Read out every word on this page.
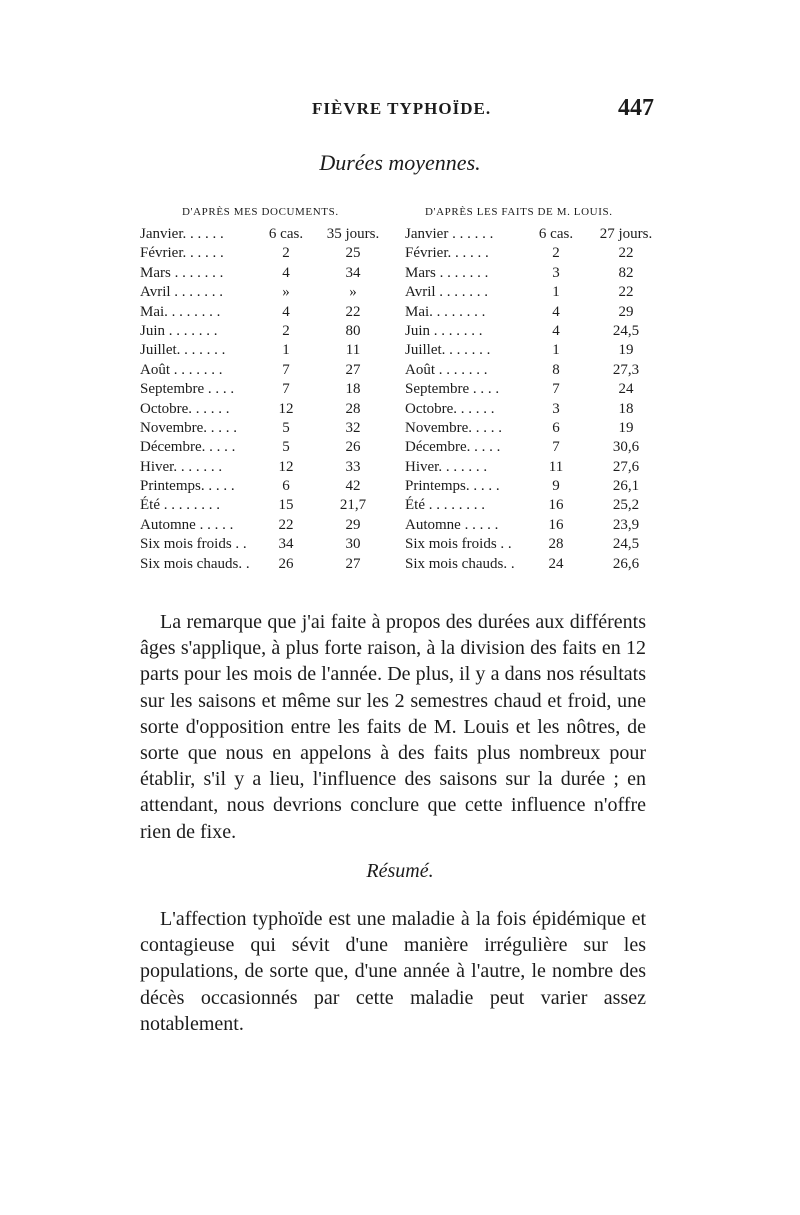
FIÈVRE TYPHOÏDE.	447
Durées moyennes.
D'APRÈS MES DOCUMENTS.	D'APRÈS LES FAITS DE M. LOUIS.
Janvier. . . . . .	6 cas.	35 jours.
Février. . . . . .	2	25
Mars . . . . . . .	4	34
Avril . . . . . . .	»	»
Mai. . . . . . . .	4	22
Juin . . . . . . .	2	80
Juillet. . . . . . .	1	11
Août . . . . . . .	7	27
Septembre . . . .	7	18
Octobre. . . . . .	12	28
Novembre. . . . .	5	32
Décembre. . . . .	5	26
Hiver. . . . . . .	12	33
Printemps. . . . .	6	42
Été . . . . . . . .	15	21,7
Automne . . . . .	22	29
Six mois froids . .	34	30
Six mois chauds. .	26	27
Janvier . . . . . .	6 cas.	27 jours.
Février. . . . . .	2	22
Mars . . . . . . .	3	82
Avril . . . . . . .	1	22
Mai. . . . . . . .	4	29
Juin . . . . . . .	4	24,5
Juillet. . . . . . .	1	19
Août . . . . . . .	8	27,3
Septembre . . . .	7	24
Octobre. . . . . .	3	18
Novembre. . . . .	6	19
Décembre. . . . .	7	30,6
Hiver. . . . . . .	11	27,6
Printemps. . . . .	9	26,1
Été . . . . . . . .	16	25,2
Automne . . . . .	16	23,9
Six mois froids . .	28	24,5
Six mois chauds. .	24	26,6

La remarque que j'ai faite à propos des durées aux différents âges s'applique, à plus forte raison, à la division des faits en 12 parts pour les mois de l'année. De plus, il y a dans nos résultats sur les saisons et même sur les 2 semestres chaud et froid, une sorte d'opposition entre les faits de M. Louis et les nôtres, de sorte que nous en appelons à des faits plus nombreux pour établir, s'il y a lieu, l'influence des saisons sur la durée ; en attendant, nous devrions conclure que cette influence n'offre rien de fixe.

Résumé.

L'affection typhoïde est une maladie à la fois épidémique et contagieuse qui sévit d'une manière irrégulière sur les populations, de sorte que, d'une année à l'autre, le nombre des décès occasionnés par cette maladie peut varier assez notablement.
